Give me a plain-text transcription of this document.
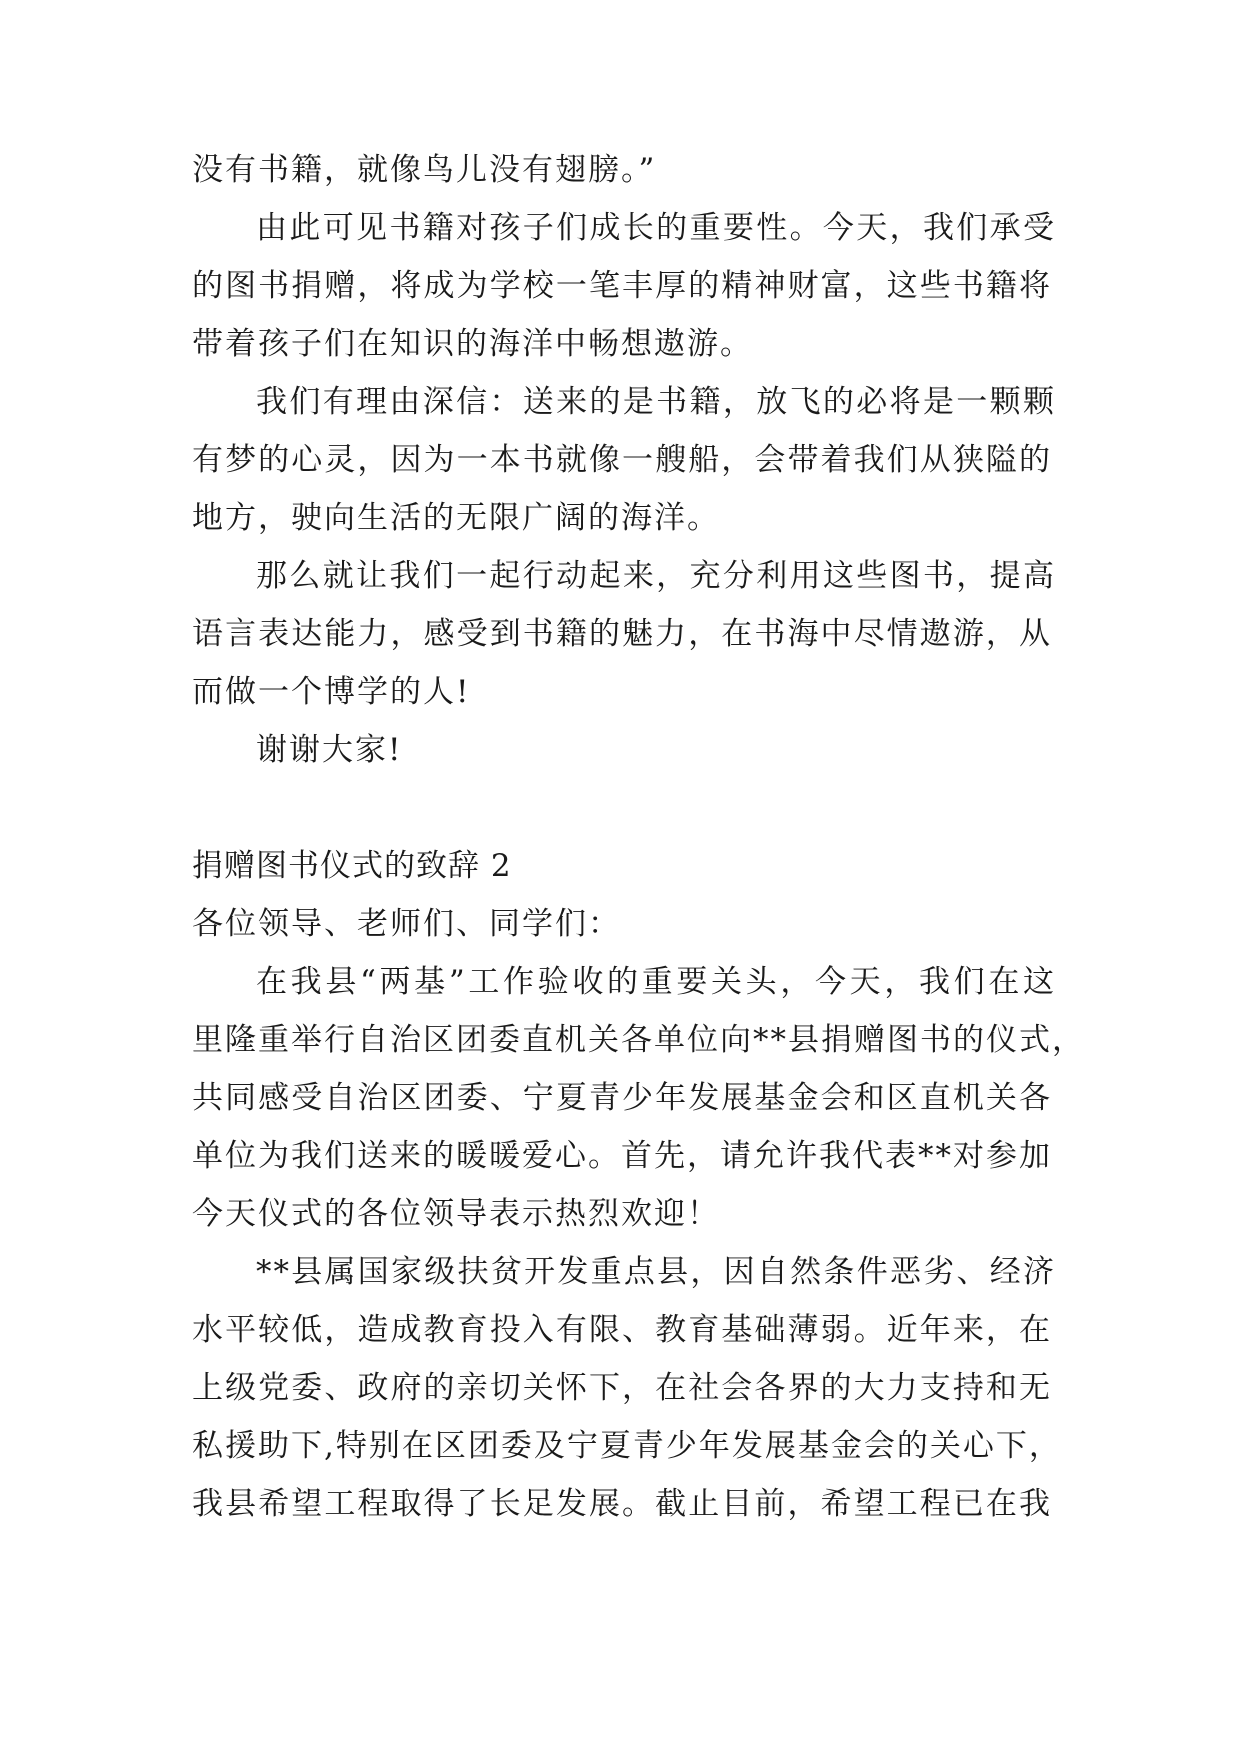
没有书籍，就像鸟儿没有翅膀。”
由此可见书籍对孩子们成长的重要性。今天，我们承受
的图书捐赠，将成为学校一笔丰厚的精神财富，这些书籍将
带着孩子们在知识的海洋中畅想遨游。
我们有理由深信：送来的是书籍，放飞的必将是一颗颗
有梦的心灵，因为一本书就像一艘船，会带着我们从狭隘的
地方，驶向生活的无限广阔的海洋。
那么就让我们一起行动起来，充分利用这些图书，提高
语言表达能力，感受到书籍的魅力，在书海中尽情遨游，从
而做一个博学的人!
谢谢大家!
捐赠图书仪式的致辞 2
各位领导、老师们、同学们：
在我县“两基”工作验收的重要关头，今天，我们在这
里隆重举行自治区团委直机关各单位向**县捐赠图书的仪式，
共同感受自治区团委、宁夏青少年发展基金会和区直机关各
单位为我们送来的暖暖爱心。首先，请允许我代表**对参加
今天仪式的各位领导表示热烈欢迎！
**县属国家级扶贫开发重点县，因自然条件恶劣、经济
水平较低，造成教育投入有限、教育基础薄弱。近年来，在
上级党委、政府的亲切关怀下，在社会各界的大力支持和无
私援助下,特别在区团委及宁夏青少年发展基金会的关心下，
我县希望工程取得了长足发展。截止目前，希望工程已在我
